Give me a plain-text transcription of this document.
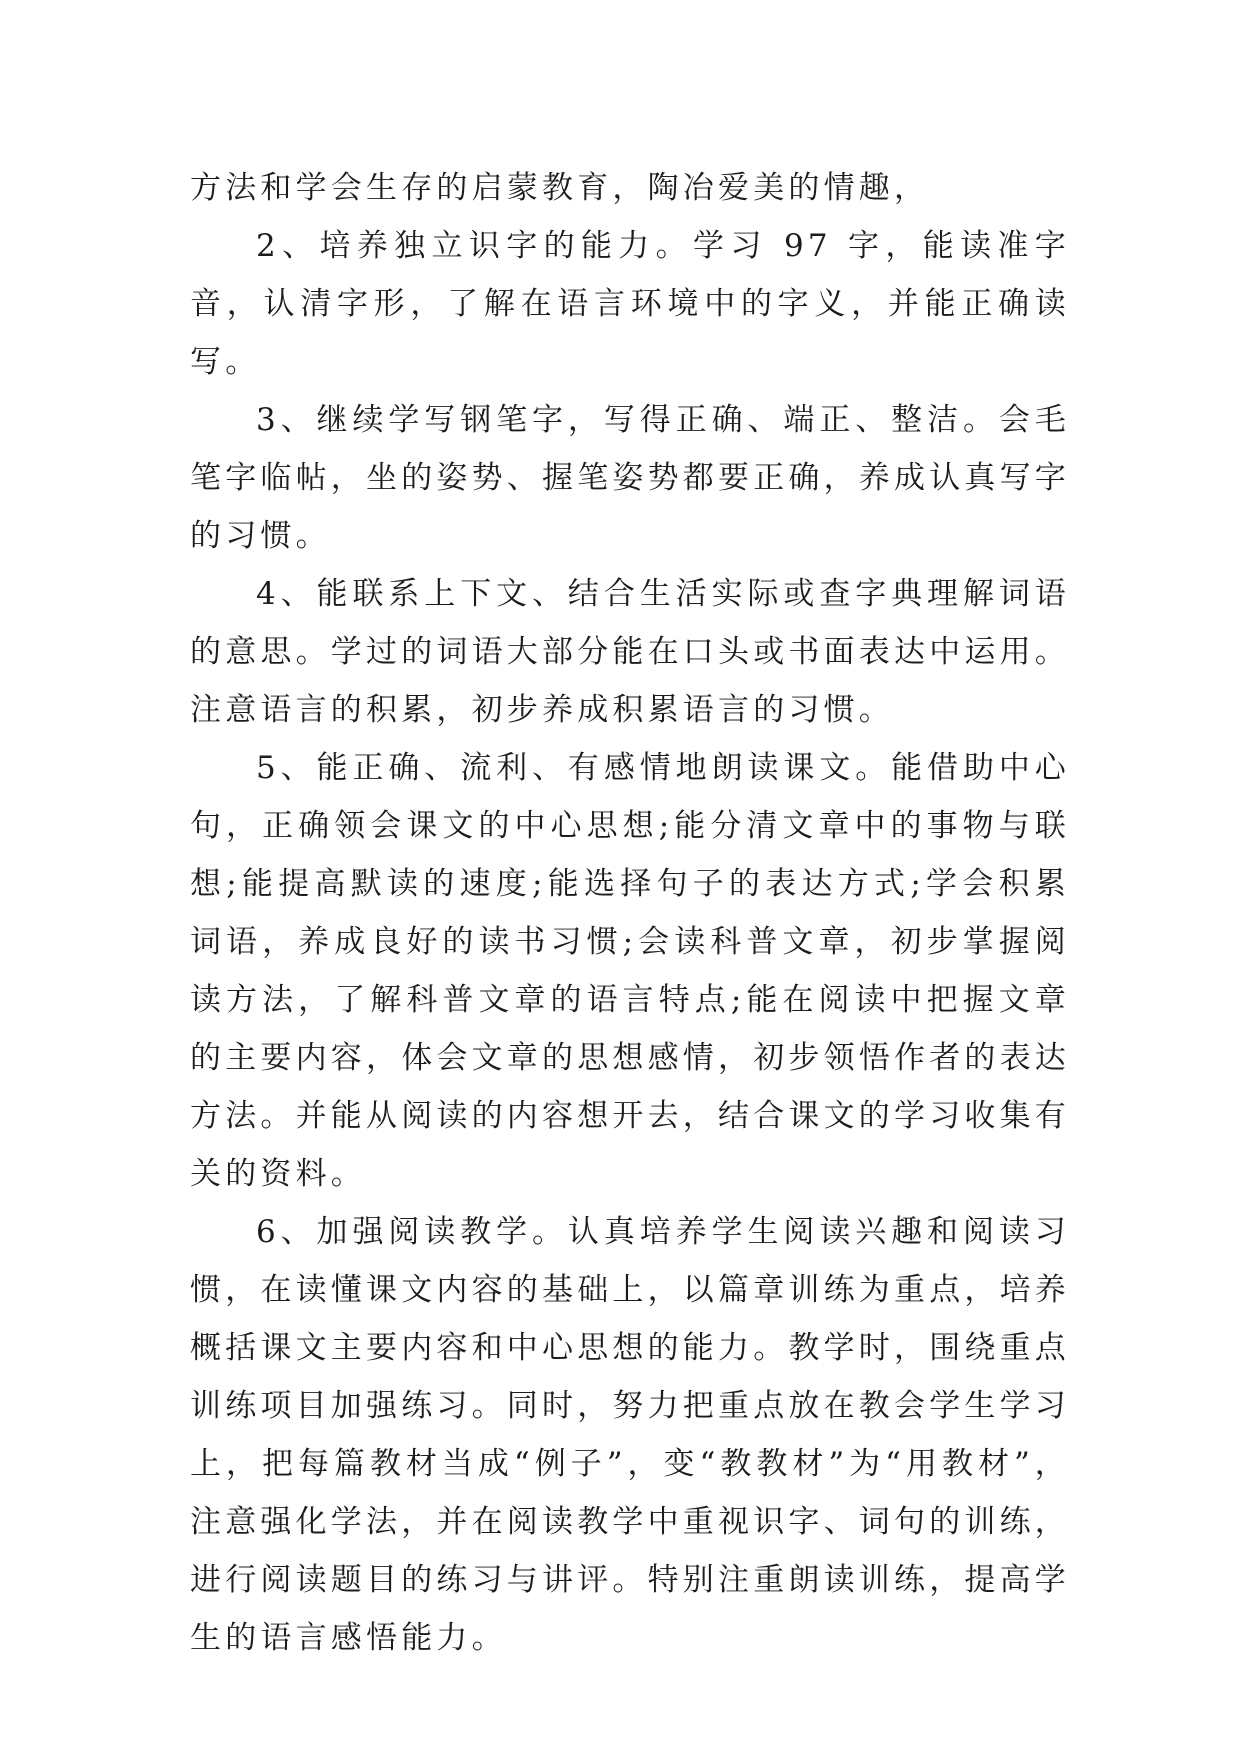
方法和学会生存的启蒙教育，陶冶爱美的情趣，

2、培养独立识字的能力。学习 97 字，能读准字音，认清字形，了解在语言环境中的字义，并能正确读写。

3、继续学写钢笔字，写得正确、端正、整洁。会毛笔字临帖，坐的姿势、握笔姿势都要正确，养成认真写字的习惯。

4、能联系上下文、结合生活实际或查字典理解词语的意思。学过的词语大部分能在口头或书面表达中运用。注意语言的积累，初步养成积累语言的习惯。

5、能正确、流利、有感情地朗读课文。能借助中心句，正确领会课文的中心思想;能分清文章中的事物与联想;能提高默读的速度;能选择句子的表达方式;学会积累词语，养成良好的读书习惯;会读科普文章，初步掌握阅读方法，了解科普文章的语言特点;能在阅读中把握文章的主要内容，体会文章的思想感情，初步领悟作者的表达方法。并能从阅读的内容想开去，结合课文的学习收集有关的资料。

6、加强阅读教学。认真培养学生阅读兴趣和阅读习惯，在读懂课文内容的基础上，以篇章训练为重点，培养概括课文主要内容和中心思想的能力。教学时，围绕重点训练项目加强练习。同时，努力把重点放在教会学生学习上，把每篇教材当成“例子”，变“教教材”为“用教材”，注意强化学法，并在阅读教学中重视识字、词句的训练，进行阅读题目的练习与讲评。特别注重朗读训练，提高学生的语言感悟能力。
